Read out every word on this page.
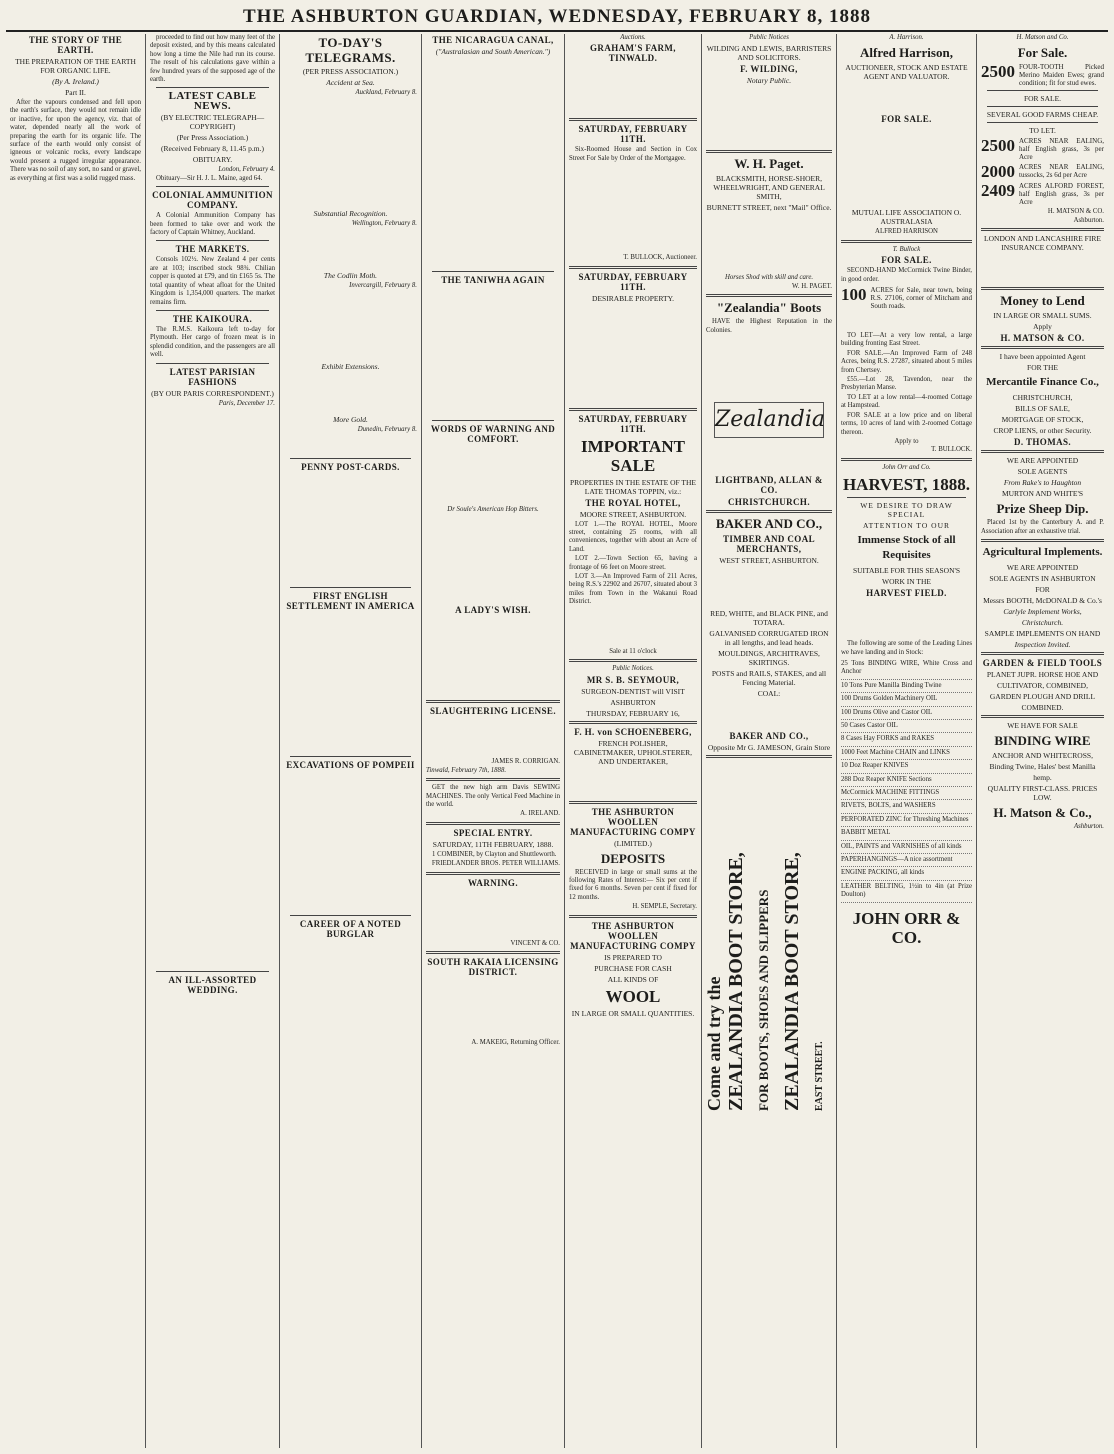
THE ASHBURTON GUARDIAN, WEDNESDAY, FEBRUARY 8, 1888
THE STORY OF THE EARTH.
THE PREPARATION OF THE EARTH FOR ORGANIC LIFE.
(By A. Ireland.)
Part II.

After the vapours condensed and fell upon the earth's surface, they would not remain idle or inactive, for upon the agency, viz. that of water, depended nearly all the work of preparing the earth for its organic life. The surface of the earth would only consist of igneous or volcanic rocks, every landscape would present a rugged irregular appearance. There was no soil of any sort, no sand or gravel, as everything at first was a solid rugged mass.

proceeded to find out how many feet of the deposit existed, and by this means calculated how long a time the Nile had run its course. The result of his calculations gave within a few hundred years of the supposed age of the earth.

LATEST CABLE NEWS.
(BY ELECTRIC TELEGRAPH—COPYRIGHT)
(Per Press Association.)
(Received February 8, 11.45 p.m.)
OBITUARY.
London, February 4.

Obituary—Sir H. J. L. Maine, aged 64.

COLONIAL AMMUNITION COMPANY.

A Colonial Ammunition Company has been formed to take over and work the factory of Captain Whitney, Auckland.

THE MARKETS.

Consols 102½. New Zealand 4 per cents are at 103; inscribed stock 98¾. Chilian copper is quoted at £79, and tin £165 5s. The total quantity of wheat afloat for the United Kingdom is 1,354,000 quarters. The market remains firm.

THE KAIKOURA.

The R.M.S. Kaikoura left to-day for Plymouth. Her cargo of frozen meat is in splendid condition, and the passengers are all well.

LATEST PARISIAN FASHIONS
(BY OUR PARIS CORRESPONDENT.)
Paris, December 17.
AN ILL-ASSORTED WEDDING.
TO-DAY'S TELEGRAMS.
(PER PRESS ASSOCIATION.)
Accident at Sea.
Auckland, February 8.
Substantial Recognition.
Wellington, February 8.
The Codlin Moth.
Invercargill, February 8.
Exhibit Extensions.
More Gold.
Dunedin, February 8.
PENNY POST-CARDS.
FIRST ENGLISH SETTLEMENT IN AMERICA
EXCAVATIONS OF POMPEII
CAREER OF A NOTED BURGLAR
THE NICARAGUA CANAL,
("Australasian and South American.")
THE TANIWHA AGAIN
WORDS OF WARNING AND COMFORT.
Dr Soule's American Hop Bitters.
A LADY'S WISH.
SLAUGHTERING LICENSE.
JAMES R. CORRIGAN.
Tinwald, February 7th, 1888.

GET the new high arm Davis SEWING MACHINES. The only Vertical Feed Machine in the world.

A. IRELAND.
SPECIAL ENTRY.
SATURDAY, 11TH FEBRUARY, 1888.

1 COMBINER, by Clayton and Shuttleworth.

FRIEDLANDER BROS. PETER WILLIAMS.
WARNING.
VINCENT & CO.
SOUTH RAKAIA LICENSING DISTRICT.
A. MAKEIG, Returning Officer.
Auctions.
GRAHAM'S FARM, TINWALD.
SATURDAY, FEBRUARY 11TH.

Six-Roomed House and Section in Cox Street For Sale by Order of the Mortgagee.

T. BULLOCK, Auctioneer.
SATURDAY, FEBRUARY 11TH.
DESIRABLE PROPERTY.
SATURDAY, FEBRUARY 11TH.
IMPORTANT SALE
PROPERTIES IN THE ESTATE OF THE LATE THOMAS TOPPIN, viz.:
THE ROYAL HOTEL,
MOORE STREET, ASHBURTON.

LOT 1.—The ROYAL HOTEL, Moore street, containing 25 rooms, with all conveniences, together with about an Acre of Land.

LOT 2.—Town Section 65, having a frontage of 66 feet on Moore street.

LOT 3.—An Improved Farm of 211 Acres, being R.S.'s 22902 and 26707, situated about 3 miles from Town in the Wakanui Road District.

Sale at 11 o'clock
Public Notices.
MR S. B. SEYMOUR,
SURGEON-DENTIST will VISIT
ASHBURTON
THURSDAY, FEBRUARY 16,
F. H. von SCHOENEBERG,
FRENCH POLISHER, CABINETMAKER, UPHOLSTERER, AND UNDERTAKER,
THE ASHBURTON WOOLLEN MANUFACTURING COMPY
(LIMITED.)
DEPOSITS

RECEIVED in large or small sums at the following Rates of Interest:— Six per cent if fixed for 6 months. Seven per cent if fixed for 12 months.

H. SEMPLE, Secretary.
THE ASHBURTON WOOLLEN MANUFACTURING COMPY
IS PREPARED TO
PURCHASE FOR CASH
ALL KINDS OF
WOOL
IN LARGE OR SMALL QUANTITIES.
Public Notices
WILDING AND LEWIS, BARRISTERS AND SOLICITORS.
F. WILDING,
Notary Public.
W. H. Paget.
BLACKSMITH, HORSE-SHOER, WHEELWRIGHT, AND GENERAL SMITH,
BURNETT STREET, next "Mail" Office.
Horses Shod with skill and care.
W. H. PAGET.
"Zealandia" Boots

HAVE the Highest Reputation in the Colonies.

Zealandia
LIGHTBAND, ALLAN & CO.
CHRISTCHURCH.
BAKER AND CO.,
TIMBER AND COAL MERCHANTS,
WEST STREET, ASHBURTON.
RED, WHITE, and BLACK PINE, and TOTARA.
GALVANISED CORRUGATED IRON in all lengths, and lead heads.
MOULDINGS, ARCHITRAVES, SKIRTINGS.
POSTS and RAILS, STAKES, and all Fencing Material.
COAL:
BAKER AND CO.,
Opposite Mr G. JAMESON, Grain Store
Come and try the ZEALANDIA BOOT STORE, FOR BOOTS, SHOES AND SLIPPERS ZEALANDIA BOOT STORE, EAST STREET.
A. Harrison.
Alfred Harrison,
AUCTIONEER, STOCK AND ESTATE AGENT AND VALUATOR.
FOR SALE.
MUTUAL LIFE ASSOCIATION O. AUSTRALASIA
ALFRED HARRISON
T. Bullock
FOR SALE.

SECOND-HAND McCormick Twine Binder, in good order.

100 ACRES for Sale, near town, being R.S. 27106, corner of Mitcham and South roads.

TO LET—At a very low rental, a large building fronting East Street.

FOR SALE.—An Improved Farm of 248 Acres, being R.S. 27287, situated about 5 miles from Chertsey.

£55.—Lot 28, Tavendon, near the Presbyterian Manse.

TO LET at a low rental—4-roomed Cottage at Hampstead.

FOR SALE at a low price and on liberal terms, 10 acres of land with 2-roomed Cottage thereon.

Apply to
T. BULLOCK.
John Orr and Co.
HARVEST, 1888.
WE DESIRE TO DRAW SPECIAL
ATTENTION TO OUR
Immense Stock of all Requisites
SUITABLE FOR THIS SEASON'S
WORK IN THE
HARVEST FIELD.

The following are some of the Leading Lines we have landing and in Stock:

25 Tons BINDING WIRE, White Cross and Anchor
10 Tons Pure Manilla Binding Twine
100 Drums Golden Machinery OIL
100 Drums Olive and Castor OIL
50 Cases Castor OIL
8 Cases Hay FORKS and RAKES
1000 Feet Machine CHAIN and LINKS
10 Doz Reaper KNIVES
288 Doz Reaper KNIFE Sections
McCormick MACHINE FITTINGS
RIVETS, BOLTS, and WASHERS
PERFORATED ZINC for Threshing Machines
BABBIT METAL
OIL, PAINTS and VARNISHES of all kinds
PAPERHANGINGS—A nice assortment
ENGINE PACKING, all kinds
LEATHER BELTING, 1½in to 4in (at Prize Doulton)
JOHN ORR & CO.
H. Matson and Co.
For Sale.
2500 FOUR-TOOTH Picked Merino Maiden Ewes; grand condition; fit for stud ewes.
FOR SALE.
SEVERAL GOOD FARMS CHEAP.
TO LET.
2500 ACRES NEAR EALING, half English grass, 3s per Acre
2000 ACRES NEAR EALING, tussocks, 2s 6d per Acre
2409 ACRES ALFORD FOREST, half English grass, 3s per Acre
H. MATSON & CO.
Ashburton.
LONDON AND LANCASHIRE FIRE INSURANCE COMPANY.
Money to Lend
IN LARGE OR SMALL SUMS.
Apply
H. MATSON & CO.
I have been appointed Agent
FOR THE
Mercantile Finance Co.,
CHRISTCHURCH,
BILLS OF SALE,
MORTGAGE OF STOCK,
CROP LIENS, or other Security.
D. THOMAS.
WE ARE APPOINTED
SOLE AGENTS
From Rake's to Haughton
MURTON AND WHITE'S
Prize Sheep Dip.

Placed 1st by the Canterbury A. and P. Association after an exhaustive trial.

Agricultural Implements.
WE ARE APPOINTED
SOLE AGENTS IN ASHBURTON
FOR
Messrs BOOTH, McDONALD & Co.'s
Carlyle Implement Works,
Christchurch.
SAMPLE IMPLEMENTS ON HAND
Inspection Invited.
GARDEN & FIELD TOOLS
PLANET JUPR. HORSE HOE AND
CULTIVATOR, COMBINED,
GARDEN PLOUGH AND DRILL
COMBINED.
WE HAVE FOR SALE
BINDING WIRE
ANCHOR AND WHITECROSS,
Binding Twine, Hales' best Manilla
hemp.
QUALITY FIRST-CLASS. PRICES LOW.
H. Matson & Co.,
Ashburton.
